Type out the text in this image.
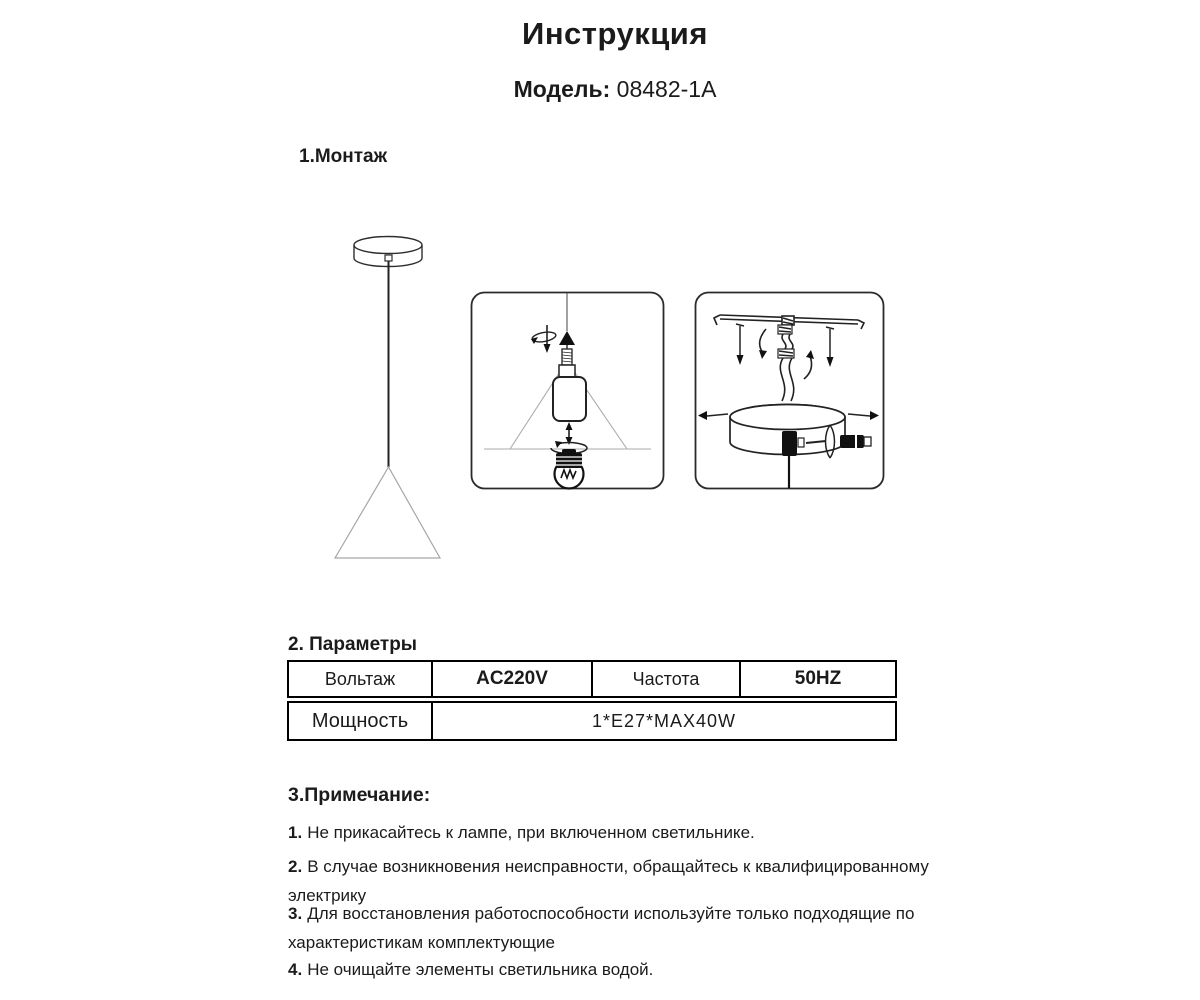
Инструкция
Модель: 08482-1A
1.Монтаж
2. Параметры
Вольтаж	AC220V	Частота	50HZ
Мощность	1*E27*MAX40W
3.Примечание:
1. Не прикасайтесь к лампе, при включенном светильнике.
2. В случае возникновения неисправности, обращайтесь к квалифицированному
электрику
3. Для восстановления работоспособности используйте только подходящие по
характеристикам комплектующие
4. Не очищайте элементы светильника водой.
